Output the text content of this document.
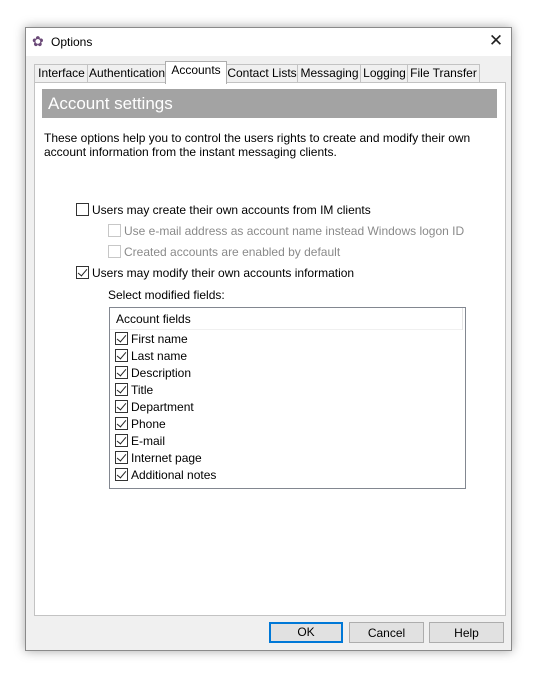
✿ Options	✕
Interface Authentication Accounts Contact Lists Messaging Logging File Transfer
Account settings
These options help you to control the users rights to create and modify their own account information from the instant messaging clients.
Users may create their own accounts from IM clients
Use e-mail address as account name instead Windows logon ID
Created accounts are enabled by default
Users may modify their own accounts information
Select modified fields:
Account fields
First name
Last name
Description
Title
Department
Phone
E-mail
Internet page
Additional notes
OK	Cancel	Help
